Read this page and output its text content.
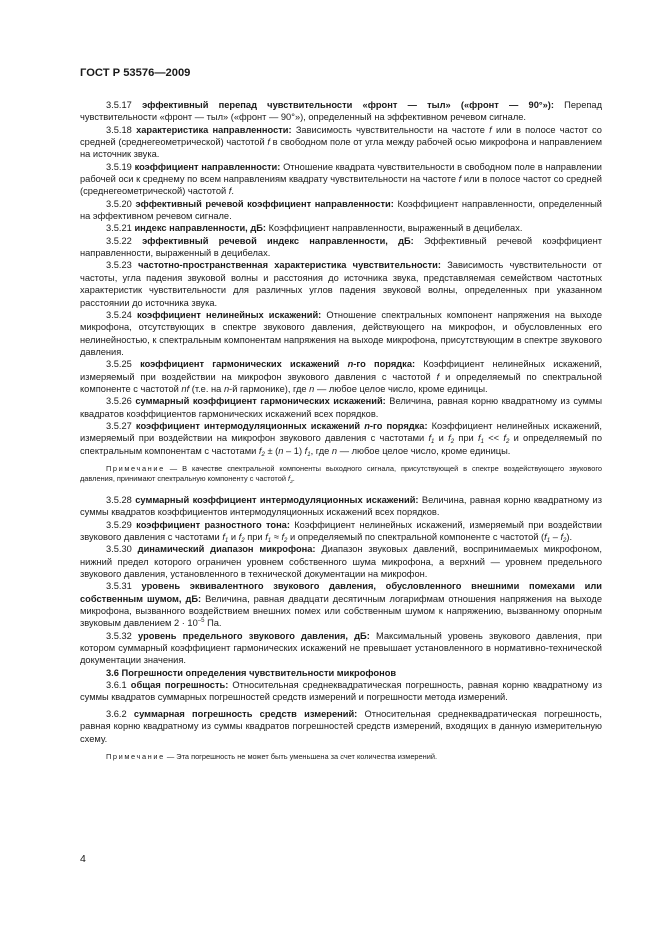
ГОСТ Р 53576—2009

3.5.17 эффективный перепад чувствительности «фронт — тыл» («фронт — 90°»): Перепад чувствительности «фронт — тыл» («фронт — 90°»), определенный на эффективном речевом сигнале.

3.5.18 характеристика направленности: Зависимость чувствительности на частоте f или в полосе частот со средней (среднегеометрической) частотой f в свободном поле от угла между рабочей осью микрофона и направлением на источник звука.

3.5.19 коэффициент направленности: Отношение квадрата чувствительности в свободном поле в направлении рабочей оси к среднему по всем направлениям квадрату чувствительности на частоте f или в полосе частот со средней (среднегеометрической) частотой f.

3.5.20 эффективный речевой коэффициент направленности: Коэффициент направленности, определенный на эффективном речевом сигнале.

3.5.21 индекс направленности, дБ: Коэффициент направленности, выраженный в децибелах.

3.5.22 эффективный речевой индекс направленности, дБ: Эффективный речевой коэффициент направленности, выраженный в децибелах.

3.5.23 частотно-пространственная характеристика чувствительности: Зависимость чувствительности от частоты, угла падения звуковой волны и расстояния до источника звука, представляемая семейством частотных характеристик чувствительности для различных углов падения звуковой волны, определенных при указанном расстоянии до источника звука.

3.5.24 коэффициент нелинейных искажений: Отношение спектральных компонент напряжения на выходе микрофона, отсутствующих в спектре звукового давления, действующего на микрофон, и обусловленных его нелинейностью, к спектральным компонентам напряжения на выходе микрофона, присутствующим в спектре звукового давления.

3.5.25 коэффициент гармонических искажений n-го порядка: Коэффициент нелинейных искажений, измеряемый при воздействии на микрофон звукового давления с частотой f и определяемый по спектральной компоненте с частотой nf (т.е. на n-й гармонике), где n — любое целое число, кроме единицы.

3.5.26 суммарный коэффициент гармонических искажений: Величина, равная корню квадратному из суммы квадратов коэффициентов гармонических искажений всех порядков.

3.5.27 коэффициент интермодуляционных искажений n-го порядка: Коэффициент нелинейных искажений, измеряемый при воздействии на микрофон звукового давления с частотами $f_1$ и $f_2$ при $f_1 << f_2$ и определяемый по спектральным компонентам с частотами $f_2 \pm (n - 1)$ $f_1$, где n — любое целое число, кроме единицы.

Примечание — В качестве спектральной компоненты выходного сигнала, присутствующей в спектре воздействующего звукового давления, принимают спектральную компоненту с частотой $f_2$.

3.5.28 суммарный коэффициент интермодуляционных искажений: Величина, равная корню квадратному из суммы квадратов коэффициентов интермодуляционных искажений всех порядков.

3.5.29 коэффициент разностного тона: Коэффициент нелинейных искажений, измеряемый при воздействии звукового давления с частотами $f_1$ и $f_2$ при $f_1 \approx f_2$ и определяемый по спектральной компоненте с частотой $(f_1 - f_2)$.

3.5.30 динамический диапазон микрофона: Диапазон звуковых давлений, воспринимаемых микрофоном, нижний предел которого ограничен уровнем собственного шума микрофона, а верхний — уровнем предельного звукового давления, установленного в технической документации на микрофон.

3.5.31 уровень эквивалентного звукового давления, обусловленного внешними помехами или собственным шумом, дБ: Величина, равная двадцати десятичным логарифмам отношения напряжения на выходе микрофона, вызванного воздействием внешних помех или собственным шумом к напряжению, вызванному опорным звуковым давлением $2 \cdot 10^{-5}$ Па.

3.5.32 уровень предельного звукового давления, дБ: Максимальный уровень звукового давления, при котором суммарный коэффициент гармонических искажений не превышает установленного в нормативно-технической документации значения.

3.6 Погрешности определения чувствительности микрофонов

3.6.1 общая погрешность: Относительная среднеквадратическая погрешность, равная корню квадратному из суммы квадратов суммарных погрешностей средств измерений и погрешности метода измерений.

3.6.2 суммарная погрешность средств измерений: Относительная среднеквадратическая погрешность, равная корню квадратному из суммы квадратов погрешностей средств измерений, входящих в данную измерительную схему.

Примечание — Эта погрешность не может быть уменьшена за счет количества измерений.

4
